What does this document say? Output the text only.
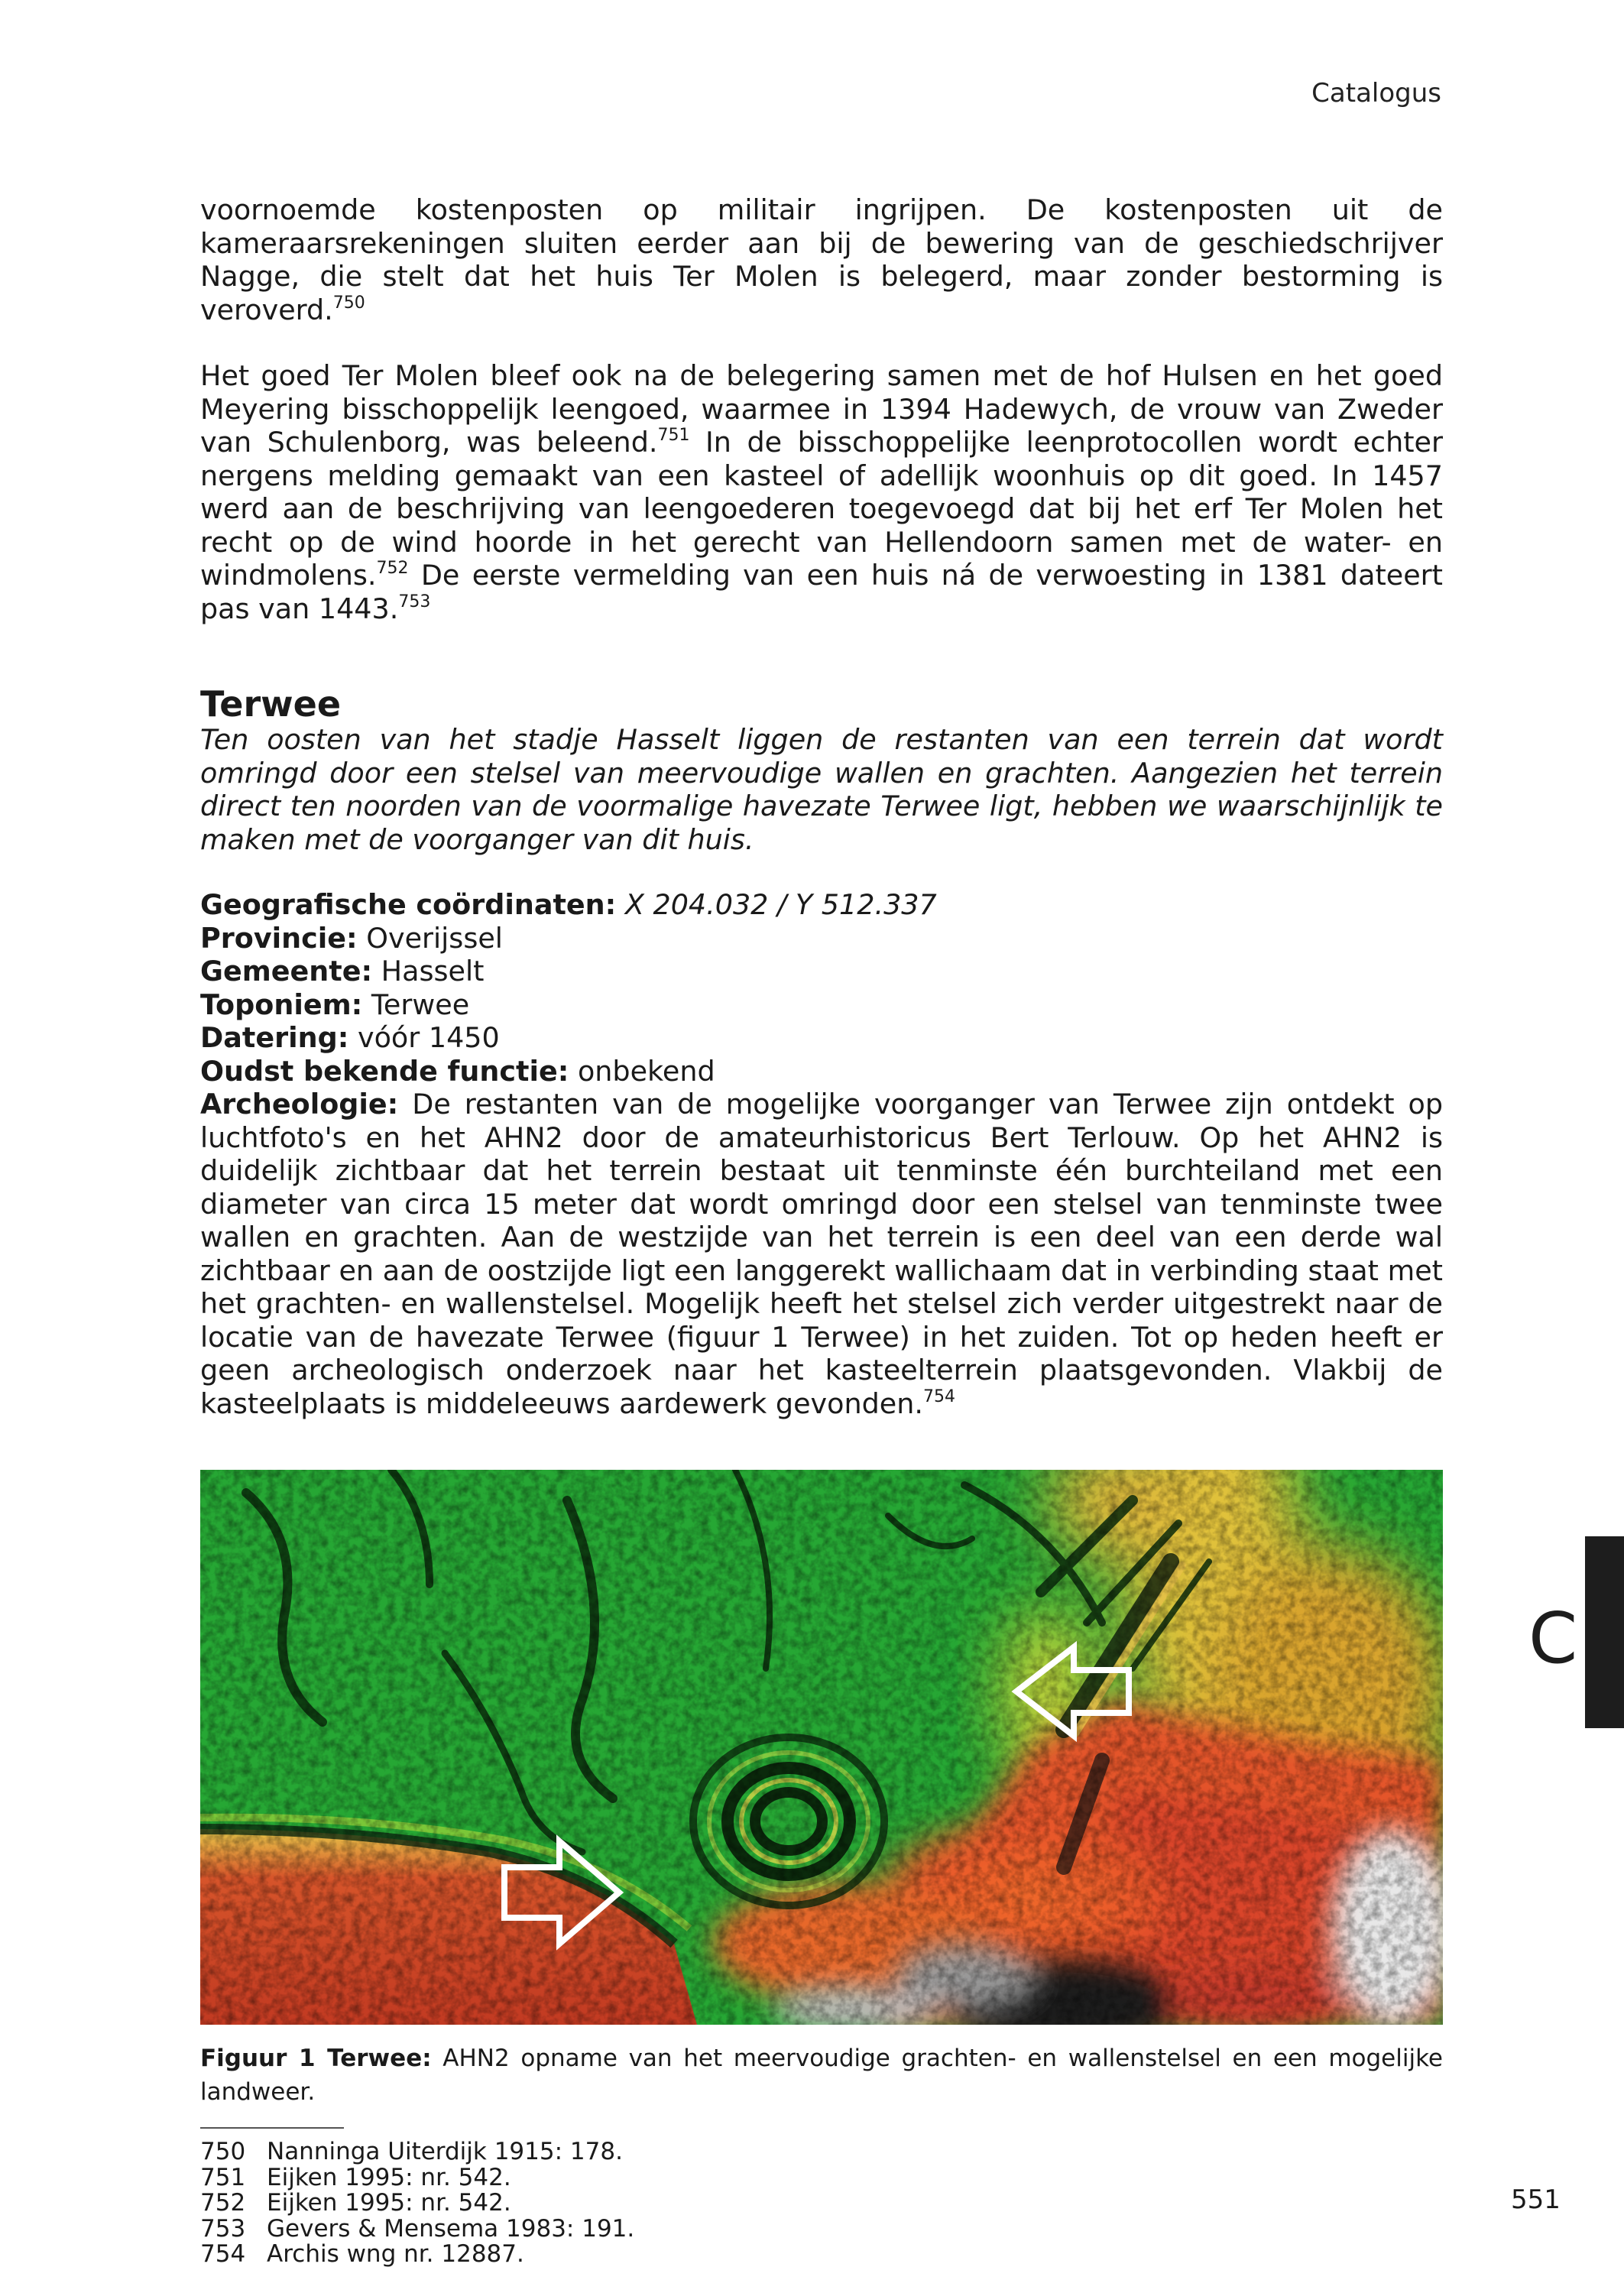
Catalogus

voornoemde kostenposten op militair ingrijpen. De kostenposten uit de kameraarsrekeningen sluiten eerder aan bij de bewering van de geschiedschrijver Nagge, die stelt dat het huis Ter Molen is belegerd, maar zonder bestorming is veroverd.$^{750}$

Het goed Ter Molen bleef ook na de belegering samen met de hof Hulsen en het goed Meyering bisschoppelijk leengoed, waarmee in 1394 Hadewych, de vrouw van Zweder van Schulenborg, was beleend.$^{751}$ In de bisschoppelijke leenprotocollen wordt echter nergens melding gemaakt van een kasteel of adellijk woonhuis op dit goed. In 1457 werd aan de beschrijving van leengoederen toegevoegd dat bij het erf Ter Molen het recht op de wind hoorde in het gerecht van Hellendoorn samen met de water- en windmolens.$^{752}$ De eerste vermelding van een huis ná de verwoesting in 1381 dateert pas van 1443.$^{753}$

Terwee

Ten oosten van het stadje Hasselt liggen de restanten van een terrein dat wordt omringd door een stelsel van meervoudige wallen en grachten. Aangezien het terrein direct ten noorden van de voormalige havezate Terwee ligt, hebben we waarschijnlijk te maken met de voorganger van dit huis.

Geografische coördinaten: X 204.032 / Y 512.337
Provincie: Overijssel
Gemeente: Hasselt
Toponiem: Terwee
Datering: vóór 1450
Oudst bekende functie: onbekend

Archeologie: De restanten van de mogelijke voorganger van Terwee zijn ontdekt op luchtfoto's en het AHN2 door de amateurhistoricus Bert Terlouw. Op het AHN2 is duidelijk zichtbaar dat het terrein bestaat uit tenminste één burchteiland met een diameter van circa 15 meter dat wordt omringd door een stelsel van tenminste twee wallen en grachten. Aan de westzijde van het terrein is een deel van een derde wal zichtbaar en aan de oostzijde ligt een langgerekt wallichaam dat in verbinding staat met het grachten- en wallenstelsel. Mogelijk heeft het stelsel zich verder uitgestrekt naar de locatie van de havezate Terwee (figuur 1 Terwee) in het zuiden. Tot op heden heeft er geen archeologisch onderzoek naar het kasteelterrein plaatsgevonden. Vlakbij de kasteelplaats is middeleeuws aardewerk gevonden.$^{754}$

Figuur 1 Terwee: AHN2 opname van het meervoudige grachten- en wallenstelsel en een mogelijke landweer.
750 Nanninga Uiterdijk 1915: 178.
751 Eijken 1995: nr. 542.
752 Eijken 1995: nr. 542.
753 Gevers & Mensema 1983: 191.
754 Archis wng nr. 12887.
C
551
